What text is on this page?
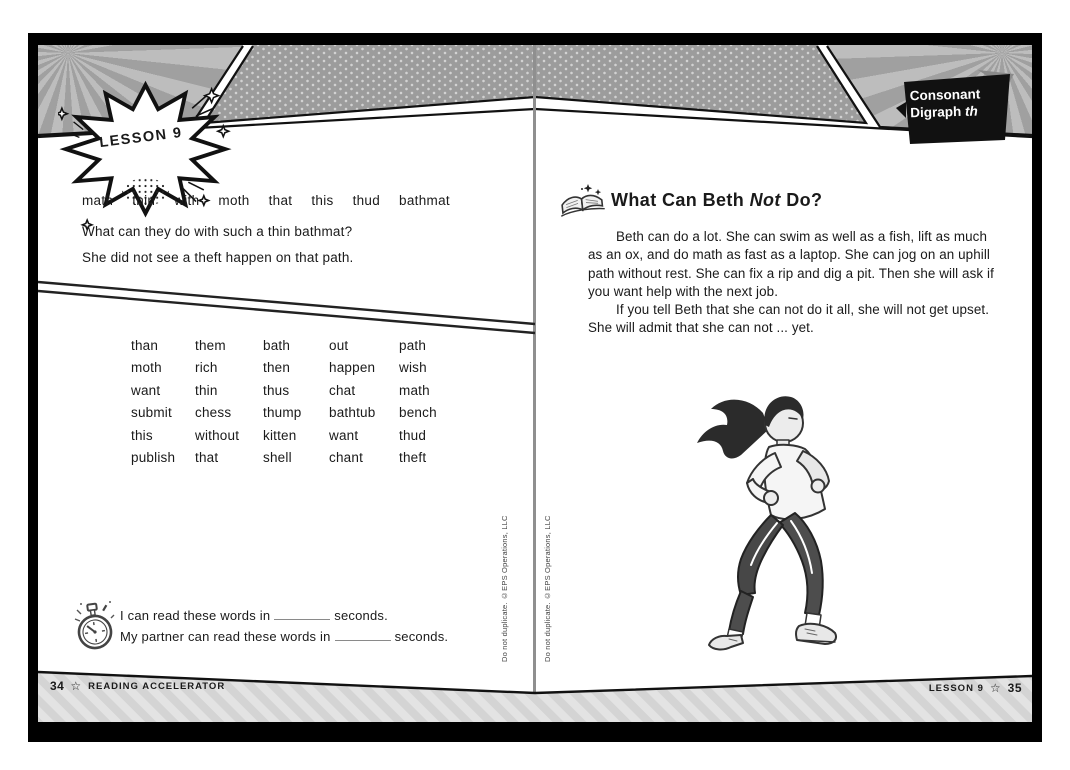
LESSON 9
Consonant
Digraph th
math thin with moth that this thud bathmat
What can they do with such a thin bathmat?
She did not see a theft happen on that path.
than	them	bath	out	path
moth	rich	then	happen	wish
want	thin	thus	chat	math
submit	chess	thump	bathtub	bench
this	without	kitten	want	thud
publish	that	shell	chant	theft
I can read these words in	seconds.
My partner can read these words in	seconds.	Do not duplicate. ©EPS Operations, LLC	Do not duplicate. ©EPS Operations, LLC
What Can Beth Not Do?

Beth can do a lot. She can swim as well as a fish, lift as much as an ox, and do math as fast as a laptop. She can jog on an uphill path without rest. She can fix a rip and dig a pit. Then she will ask if you want help with the next job.

If you tell Beth that she can not do it all, she will not get upset. She will admit that she can not ... yet.

34 ☆ READING ACCELERATOR	LESSON 9 ☆ 35
